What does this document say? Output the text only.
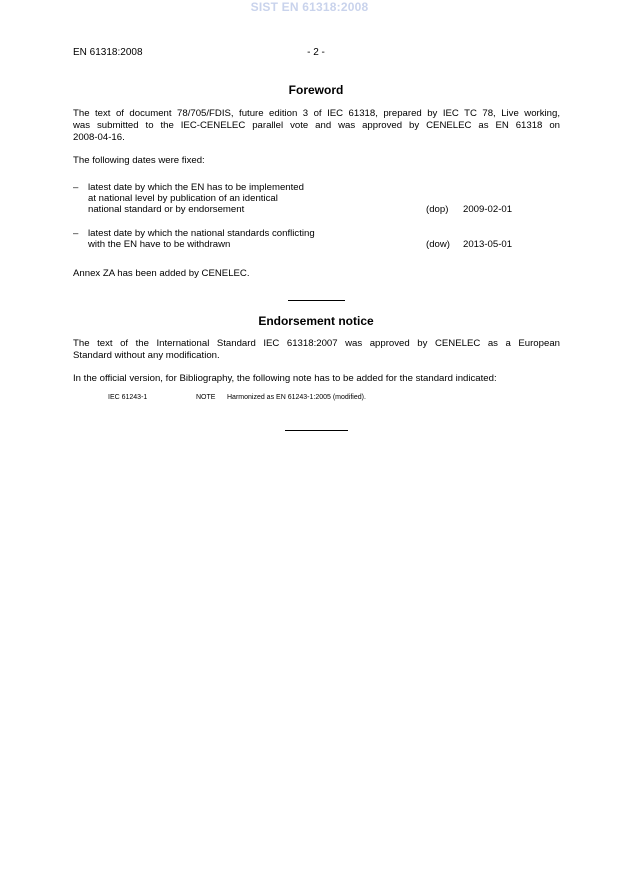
SIST EN 61318:2008
EN 61318:2008	- 2 -
Foreword
The text of document 78/705/FDIS, future edition 3 of IEC 61318, prepared by IEC TC 78, Live working,
was submitted to the IEC-CENELEC parallel vote and was approved by CENELEC as EN 61318 on
2008-04-16.
The following dates were fixed:
– latest date by which the EN has to be implemented
at national level by publication of an identical
national standard or by endorsement	(dop) 2009-02-01
– latest date by which the national standards conflicting
with the EN have to be withdrawn	(dow) 2013-05-01
Annex ZA has been added by CENELEC.
Endorsement notice
The text of the International Standard IEC 61318:2007 was approved by CENELEC as a European
Standard without any modification.
In the official version, for Bibliography, the following note has to be added for the standard indicated:
IEC 61243-1	NOTE Harmonized as EN 61243-1:2005 (modified).
